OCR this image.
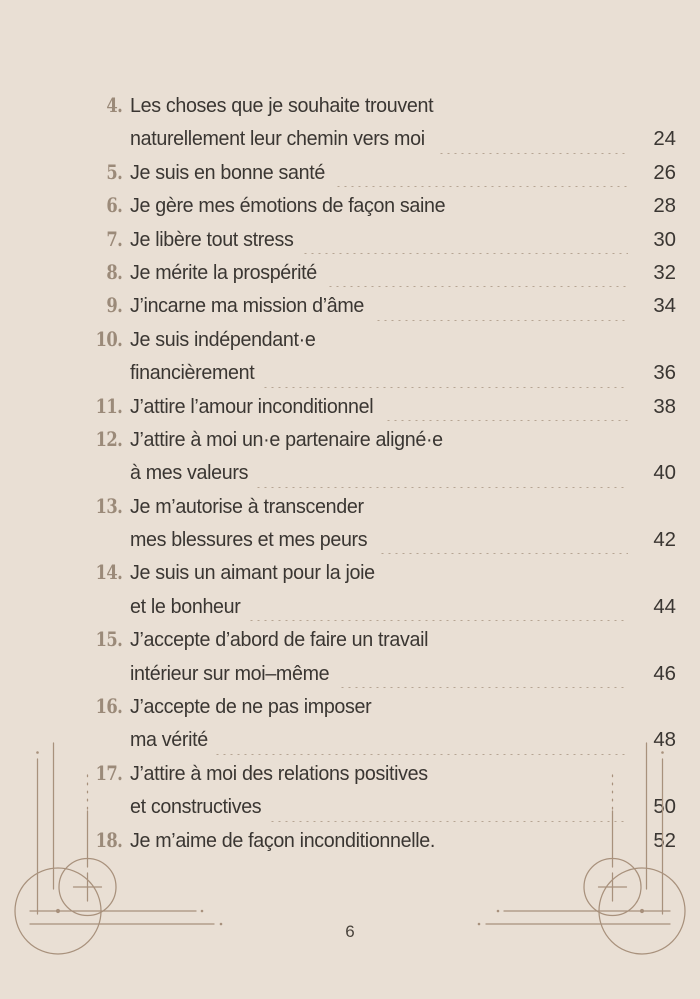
4. Les choses que je souhaite trouvent
naturellement leur chemin vers moi	24
5. Je suis en bonne santé	26
6. Je gère mes émotions de façon saine	28
7. Je libère tout stress	30
8. Je mérite la prospérité	32
9. J’incarne ma mission d’âme	34
10. Je suis indépendant·e
financièrement	36
11. J’attire l’amour inconditionnel	38
12. J’attire à moi un·e partenaire aligné·e
à mes valeurs	40
13. Je m’autorise à transcender
mes blessures et mes peurs	42
14. Je suis un aimant pour la joie
et le bonheur	44
15. J’accepte d’abord de faire un travail
intérieur sur moi–même	46
16. J’accepte de ne pas imposer
ma vérité	48
17. J’attire à moi des relations positives
et constructives	50
18. Je m’aime de façon inconditionnelle.	52
6
